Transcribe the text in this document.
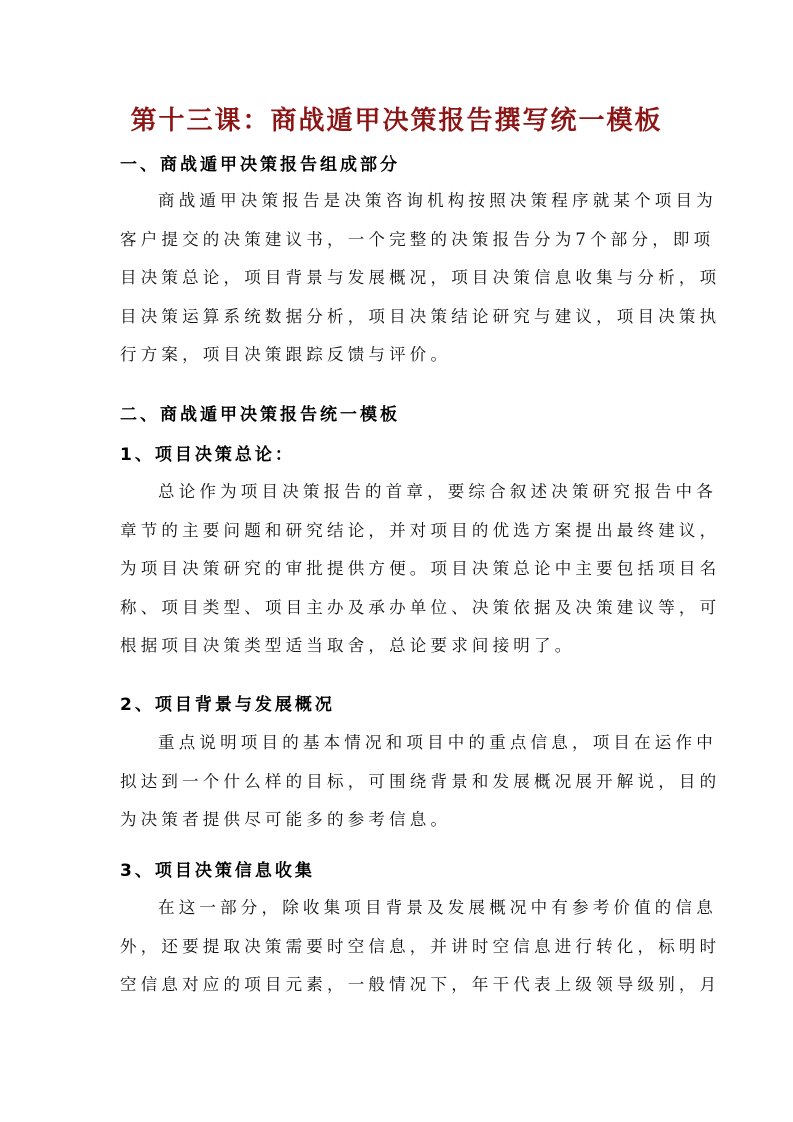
第十三课：商战遁甲决策报告撰写统一模板
一、商战遁甲决策报告组成部分
商战遁甲决策报告是决策咨询机构按照决策程序就某个项目为
客户提交的决策建议书，一个完整的决策报告分为7个部分，即项
目决策总论，项目背景与发展概况，项目决策信息收集与分析，项
目决策运算系统数据分析，项目决策结论研究与建议，项目决策执
行方案，项目决策跟踪反馈与评价。
二、商战遁甲决策报告统一模板
1、项目决策总论：
总论作为项目决策报告的首章，要综合叙述决策研究报告中各
章节的主要问题和研究结论，并对项目的优选方案提出最终建议，
为项目决策研究的审批提供方便。项目决策总论中主要包括项目名
称、项目类型、项目主办及承办单位、决策依据及决策建议等，可
根据项目决策类型适当取舍，总论要求间接明了。
2、项目背景与发展概况
重点说明项目的基本情况和项目中的重点信息，项目在运作中
拟达到一个什么样的目标，可围绕背景和发展概况展开解说，目的
为决策者提供尽可能多的参考信息。
3、项目决策信息收集
在这一部分，除收集项目背景及发展概况中有参考价值的信息
外，还要提取决策需要时空信息，并讲时空信息进行转化，标明时
空信息对应的项目元素，一般情况下，年干代表上级领导级别，月
